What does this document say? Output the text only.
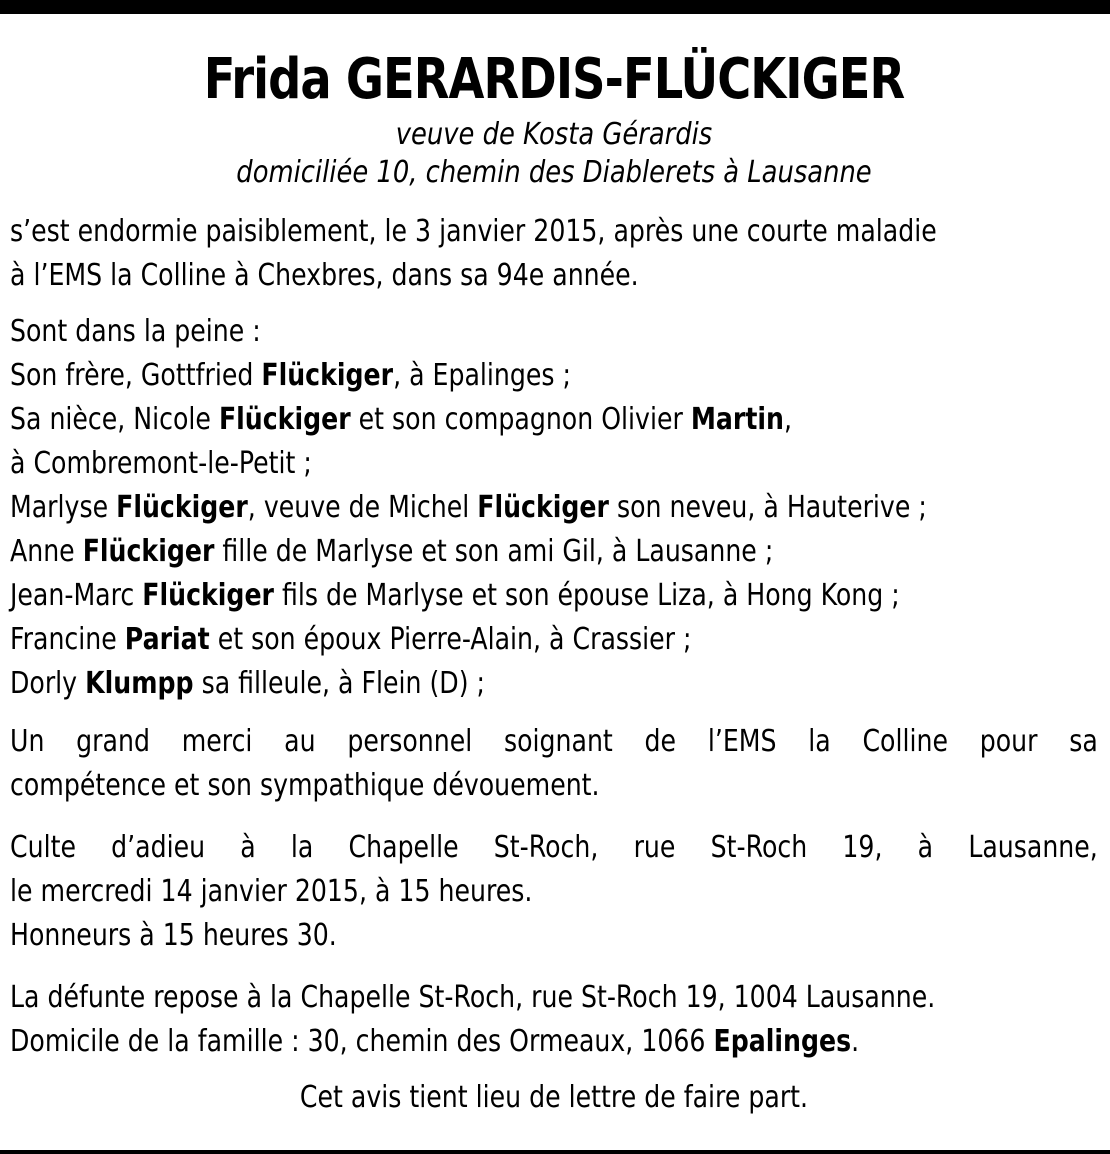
Frida GERARDIS-FLÜCKIGER
veuve de Kosta Gérardis
domiciliée 10, chemin des Diablerets à Lausanne
s’est endormie paisiblement, le 3 janvier 2015, après une courte maladie
à l’EMS la Colline à Chexbres, dans sa 94e année.
Sont dans la peine :
Son frère, Gottfried Flückiger, à Epalinges ;
Sa nièce, Nicole Flückiger et son compagnon Olivier Martin,
à Combremont-le-Petit ;
Marlyse Flückiger, veuve de Michel Flückiger son neveu, à Hauterive ;
Anne Flückiger fille de Marlyse et son ami Gil, à Lausanne ;
Jean-Marc Flückiger fils de Marlyse et son épouse Liza, à Hong Kong ;
Francine Pariat et son époux Pierre-Alain, à Crassier ;
Dorly Klumpp sa filleule, à Flein (D) ;
Un grand merci au personnel soignant de l’EMS la Colline pour sa
compétence et son sympathique dévouement.
Culte d’adieu à la Chapelle St-Roch, rue St-Roch 19, à Lausanne,
le mercredi 14 janvier 2015, à 15 heures.
Honneurs à 15 heures 30.
La défunte repose à la Chapelle St-Roch, rue St-Roch 19, 1004 Lausanne.
Domicile de la famille : 30, chemin des Ormeaux, 1066 Epalinges.
Cet avis tient lieu de lettre de faire part.
